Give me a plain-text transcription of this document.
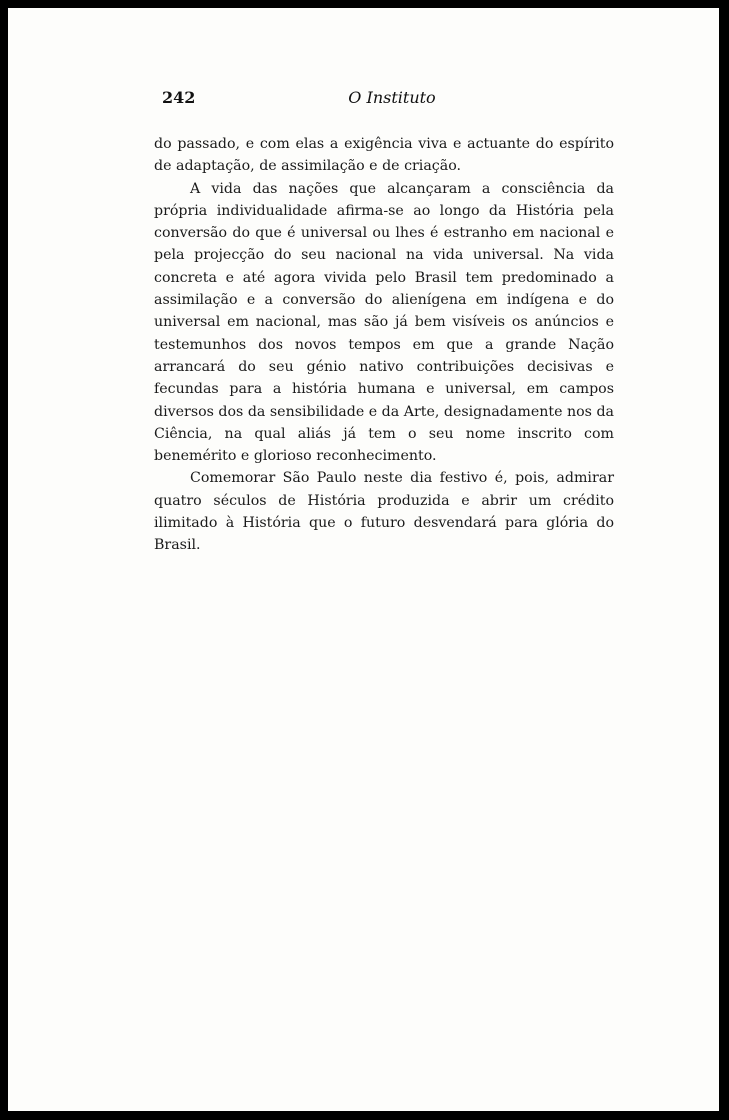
242	O Instituto

do passado, e com elas a exigência viva e actuante do espírito de adaptação, de assimilação e de criação.

A vida das nações que alcançaram a consciência da própria individualidade afirma-se ao longo da História pela conversão do que é universal ou lhes é estranho em nacional e pela projecção do seu nacional na vida universal. Na vida concreta e até agora vivida pelo Brasil tem predominado a assimilação e a conversão do alienígena em indígena e do universal em nacional, mas são já bem visíveis os anúncios e testemunhos dos novos tempos em que a grande Nação arrancará do seu génio nativo contribuições decisivas e fecundas para a história humana e universal, em campos diversos dos da sensibilidade e da Arte, designadamente nos da Ciência, na qual aliás já tem o seu nome inscrito com benemérito e glorioso reconhecimento.

Comemorar São Paulo neste dia festivo é, pois, admirar quatro séculos de História produzida e abrir um crédito ilimitado à História que o futuro desvendará para glória do Brasil.
